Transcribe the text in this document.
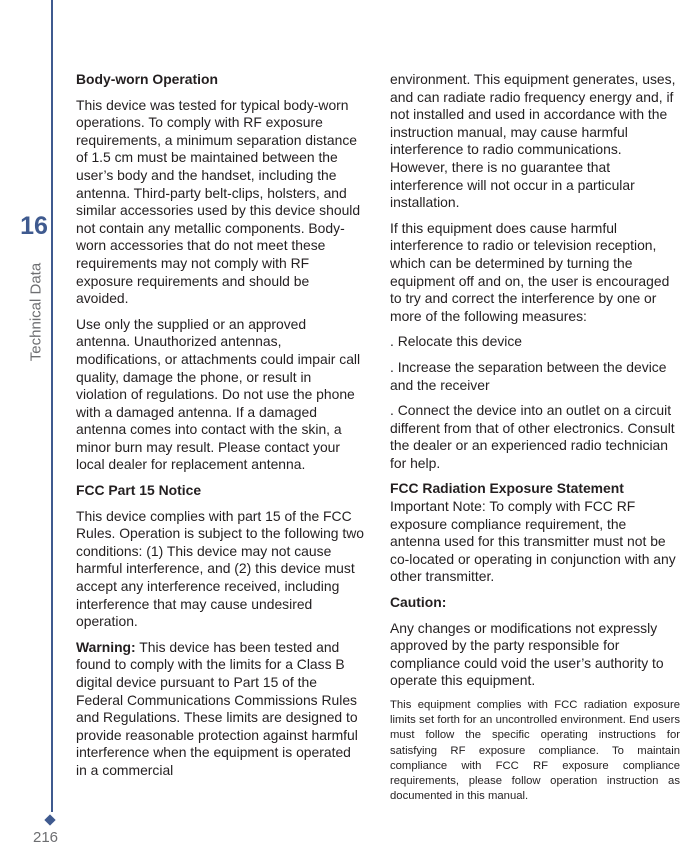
16
Technical Data
216
Body-worn Operation

This device was tested for typical body-worn operations. To comply with RF exposure requirements, a minimum separation distance of 1.5 cm must be maintained between the user’s body and the handset, including the antenna. Third-party belt-clips, holsters, and similar accessories used by this device should not contain any metallic components. Body-worn accessories that do not meet these requirements may not comply with RF exposure requirements and should be avoided.

Use only the supplied or an approved antenna. Unauthorized antennas, modifications, or attachments could impair call quality, damage the phone, or result in violation of regulations. Do not use the phone with a damaged antenna. If a damaged antenna comes into contact with the skin, a minor burn may result. Please contact your local dealer for replacement antenna.

FCC Part 15 Notice

This device complies with part 15 of the FCC Rules. Operation is subject to the following two conditions: (1) This device may not cause harmful interference, and (2) this device must accept any interference received, including interference that may cause undesired operation.

Warning: This device has been tested and found to comply with the limits for a Class B digital device pursuant to Part 15 of the Federal Communications Commissions Rules and Regulations. These limits are designed to provide reasonable protection against harmful interference when the equipment is operated in a commercial

environment. This equipment generates, uses, and can radiate radio frequency energy and, if not installed and used in accordance with the instruction manual, may cause harmful interference to radio communications. However, there is no guarantee that interference will not occur in a particular installation.

If this equipment does cause harmful interference to radio or television reception, which can be determined by turning the equipment off and on, the user is encouraged to try and correct the interference by one or more of the following measures:

. Relocate this device

. Increase the separation between the device and the receiver

. Connect the device into an outlet on a circuit different from that of other electronics. Consult the dealer or an experienced radio technician for help.

FCC Radiation Exposure Statement

Important Note: To comply with FCC RF exposure compliance requirement, the antenna used for this transmitter must not be co-located or operating in conjunction with any other transmitter.

Caution:

Any changes or modifications not expressly approved by the party responsible for compliance could void the user’s authority to operate this equipment.

This equipment complies with FCC radiation exposure limits set forth for an uncontrolled environment. End users must follow the specific operating instructions for satisfying RF exposure compliance. To maintain compliance with FCC RF exposure compliance requirements, please follow operation instruction as documented in this manual.
